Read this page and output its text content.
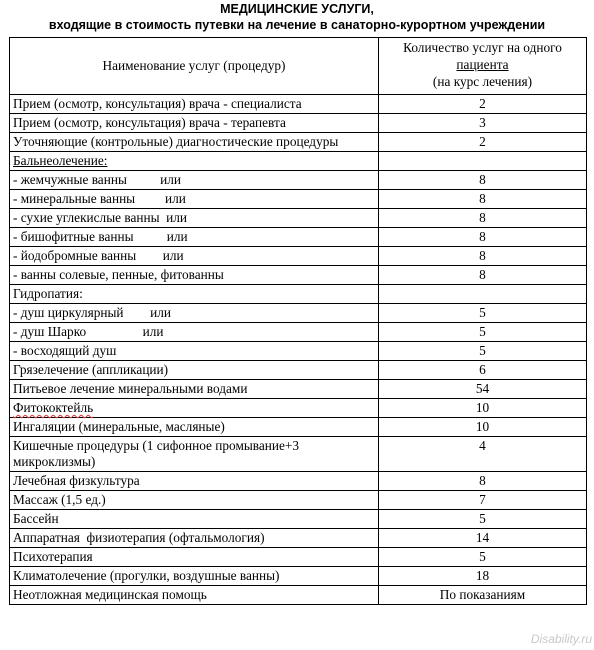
МЕДИЦИНСКИЕ УСЛУГИ,
входящие в стоимость путевки на лечение в санаторно-курортном учреждении
Наименование услуг (процедур)	Количество услуг на одного
пациента
(на курс лечения)

Прием (осмотр, консультация) врача - специалиста	2
Прием (осмотр, консультация) врача - терапевта	3
Уточняющие (контрольные) диагностические процедуры	2
Бальнеолечение:	
- жемчужные ванны          или	8
- минеральные ванны         или	8
- сухие углекислые ванны  или	8
- бишофитные ванны          или	8
- йодобромные ванны        или	8
- ванны солевые, пенные, фитованны	8
Гидропатия:	
- душ циркулярный        или	5
- душ Шарко                 или	5
- восходящий душ	5
Грязелечение (аппликации)	6
Питьевое лечение минеральными водами	54
Фитококтейль	10
Ингаляции (минеральные, масляные)	10
Кишечные процедуры (1 сифонное промывание+3 микроклизмы)	4
Лечебная физкультура	8
Массаж (1,5 ед.)	7
Бассейн	5
Аппаратная  физиотерапия (офтальмология)	14
Психотерапия	5
Климатолечение (прогулки, воздушные ванны)	18
Неотложная медицинская помощь	По показаниям
Disability.ru
